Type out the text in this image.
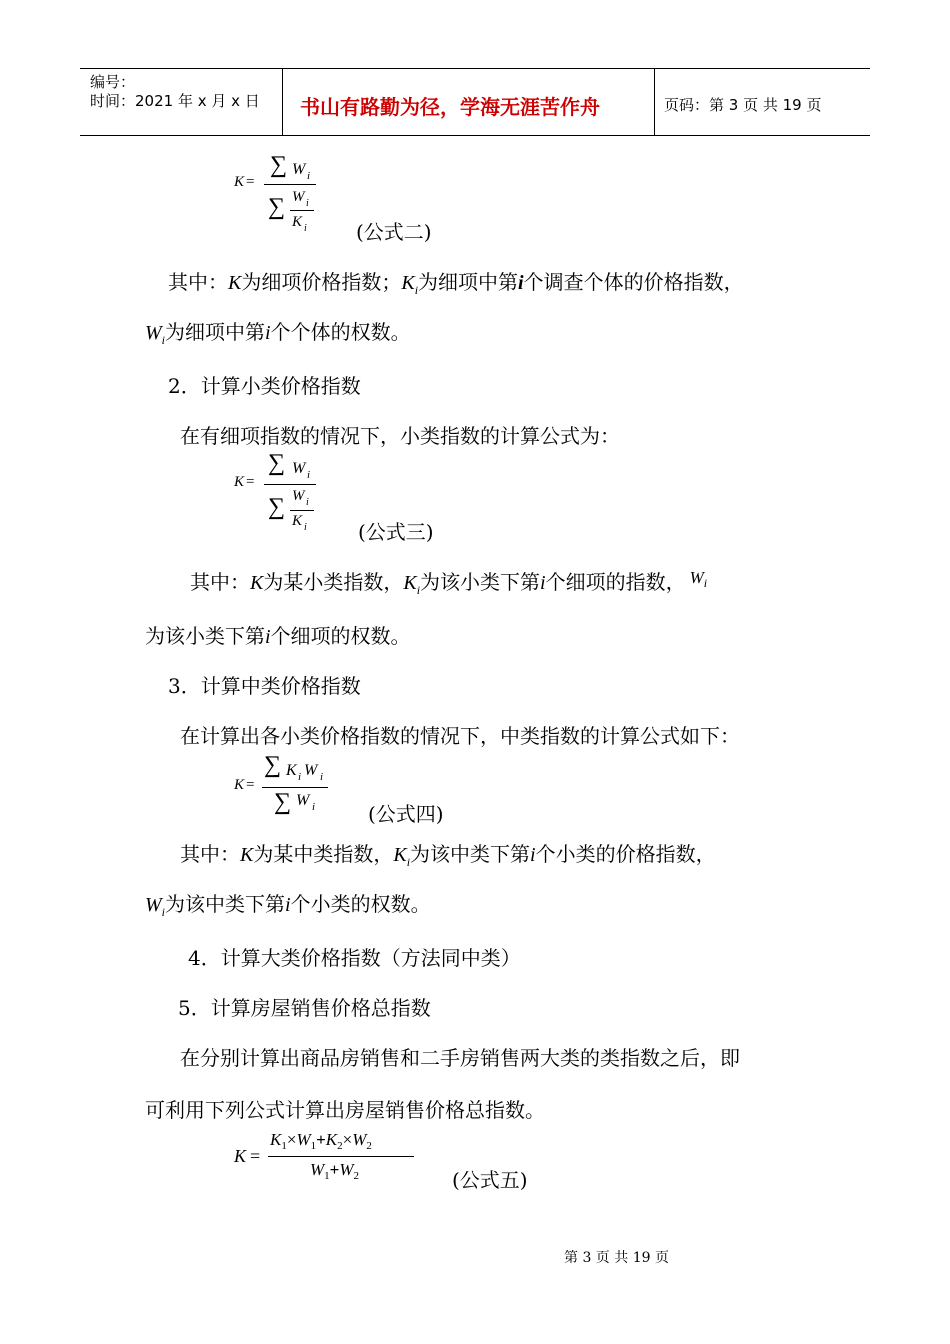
编号：
时间：2021 年 x 月 x 日 书山有路勤为径，学海无涯苦作舟	页码：第 3 页 共 19 页
K =
∑ W i
∑ W i
K i (公式二)
其中：K为细项价格指数；$K_i$为细项中第i个调查个体的价格指数，
$W_i$为细项中第i个个体的权数。
2．计算小类价格指数
在有细项指数的情况下，小类指数的计算公式为：
K =
∑ W i
∑ W i
K i	(公式三)
其中：K为某小类指数，$K_i$为该小类下第i个细项的指数， $^W$i
为该小类下第i个细项的权数。
3．计算中类价格指数
在计算出各小类价格指数的情况下，中类指数的计算公式如下：
K =
∑ K i W i
∑ W i	(公式四)
其中：K为某中类指数，$K_i$为该中类下第i个小类的价格指数，
$W_i$为该中类下第i个小类的权数。
4．计算大类价格指数（方法同中类）
5．计算房屋销售价格总指数
在分别计算出商品房销售和二手房销售两大类的类指数之后，即
可利用下列公式计算出房屋销售价格总指数。
K =
$K_1\times W_1+K_2\times W_2$
$W_1+W_2$	(公式五)
第 3 页 共 19 页
